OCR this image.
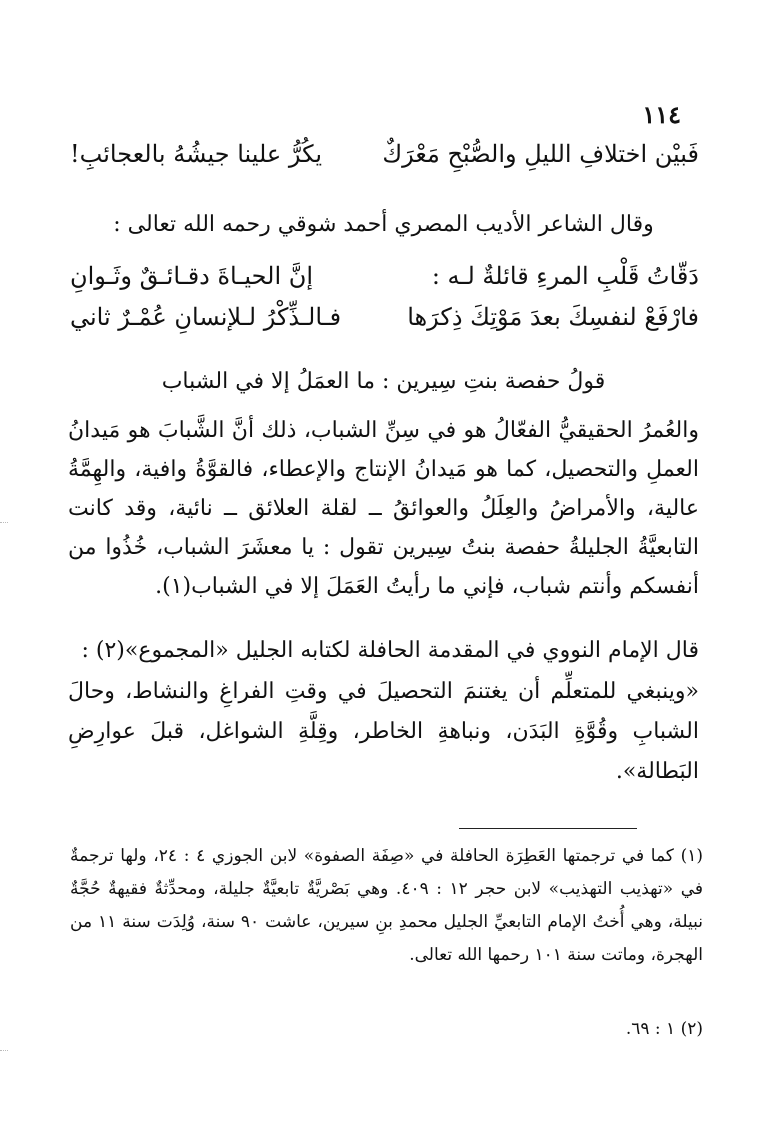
١١٤
فَبيْن اختلافِ الليلِ والصُّبْحِ مَعْرَكٌ
يكُرُّ علينا جيشُهُ بالعجائبِ!
وقال الشاعر الأديب المصري أحمد شوقي رحمه الله تعالى :
دَقّاتُ قَلْبِ المرءِ قائلةٌ لـه :
إنَّ الحيـاةَ دقـائـقٌ وثَـوانِ
فارْفَعْ لنفسِكَ بعدَ مَوْتِكَ ذِكرَها
فـالـذِّكْرُ لـلإنسانِ عُمْـرٌ ثاني
قولُ حفصة بنتِ سِيرين : ما العمَلُ إلا في الشباب
والعُمرُ الحقيقيُّ الفعّالُ هو في سِنِّ الشباب، ذلك أنَّ الشَّبابَ هو مَيدانُ العملِ والتحصيل، كما هو مَيدانُ الإنتاج والإعطاء، فالقوَّةُ وافية، والهِمَّةُ عالية، والأمراضُ والعِلَلُ والعوائقُ ــ لقلة العلائق ــ نائية، وقد كانت التابعيَّةُ الجليلةُ حفصة بنتُ سِيرين تقول : يا معشَرَ الشباب، خُذُوا من أنفسكم وأنتم شباب، فإني ما رأيتُ العَمَلَ إلا في الشباب(١).
قال الإمام النووي في المقدمة الحافلة لكتابه الجليل «المجموع»(٢) :
«وينبغي للمتعلِّم أن يغتنمَ التحصيلَ في وقتِ الفراغِ والنشاط، وحالَ الشبابِ وقُوَّةِ البَدَن، ونباهةِ الخاطر، وقِلَّةِ الشواغل، قبلَ عوارِضِ البَطالة».
(١) كما في ترجمتها العَطِرَة الحافلة في «صِفَة الصفوة» لابن الجوزي ٤ : ٢٤، ولها ترجمةٌ في «تهذيب التهذيب» لابن حجر ١٢ : ٤٠٩. وهي بَصْريَّةٌ تابعيَّةٌ جليلة، ومحدِّثةٌ فقيهةٌ حُجَّةٌ نبيلة، وهي أُختُ الإمام التابعيِّ الجليل محمدِ بنِ سيرين، عاشت ٩٠ سنة، وُلِدَت سنة ١١ من الهجرة، وماتت سنة ١٠١ رحمها الله تعالى.
(٢) ١ : ٦٩.
